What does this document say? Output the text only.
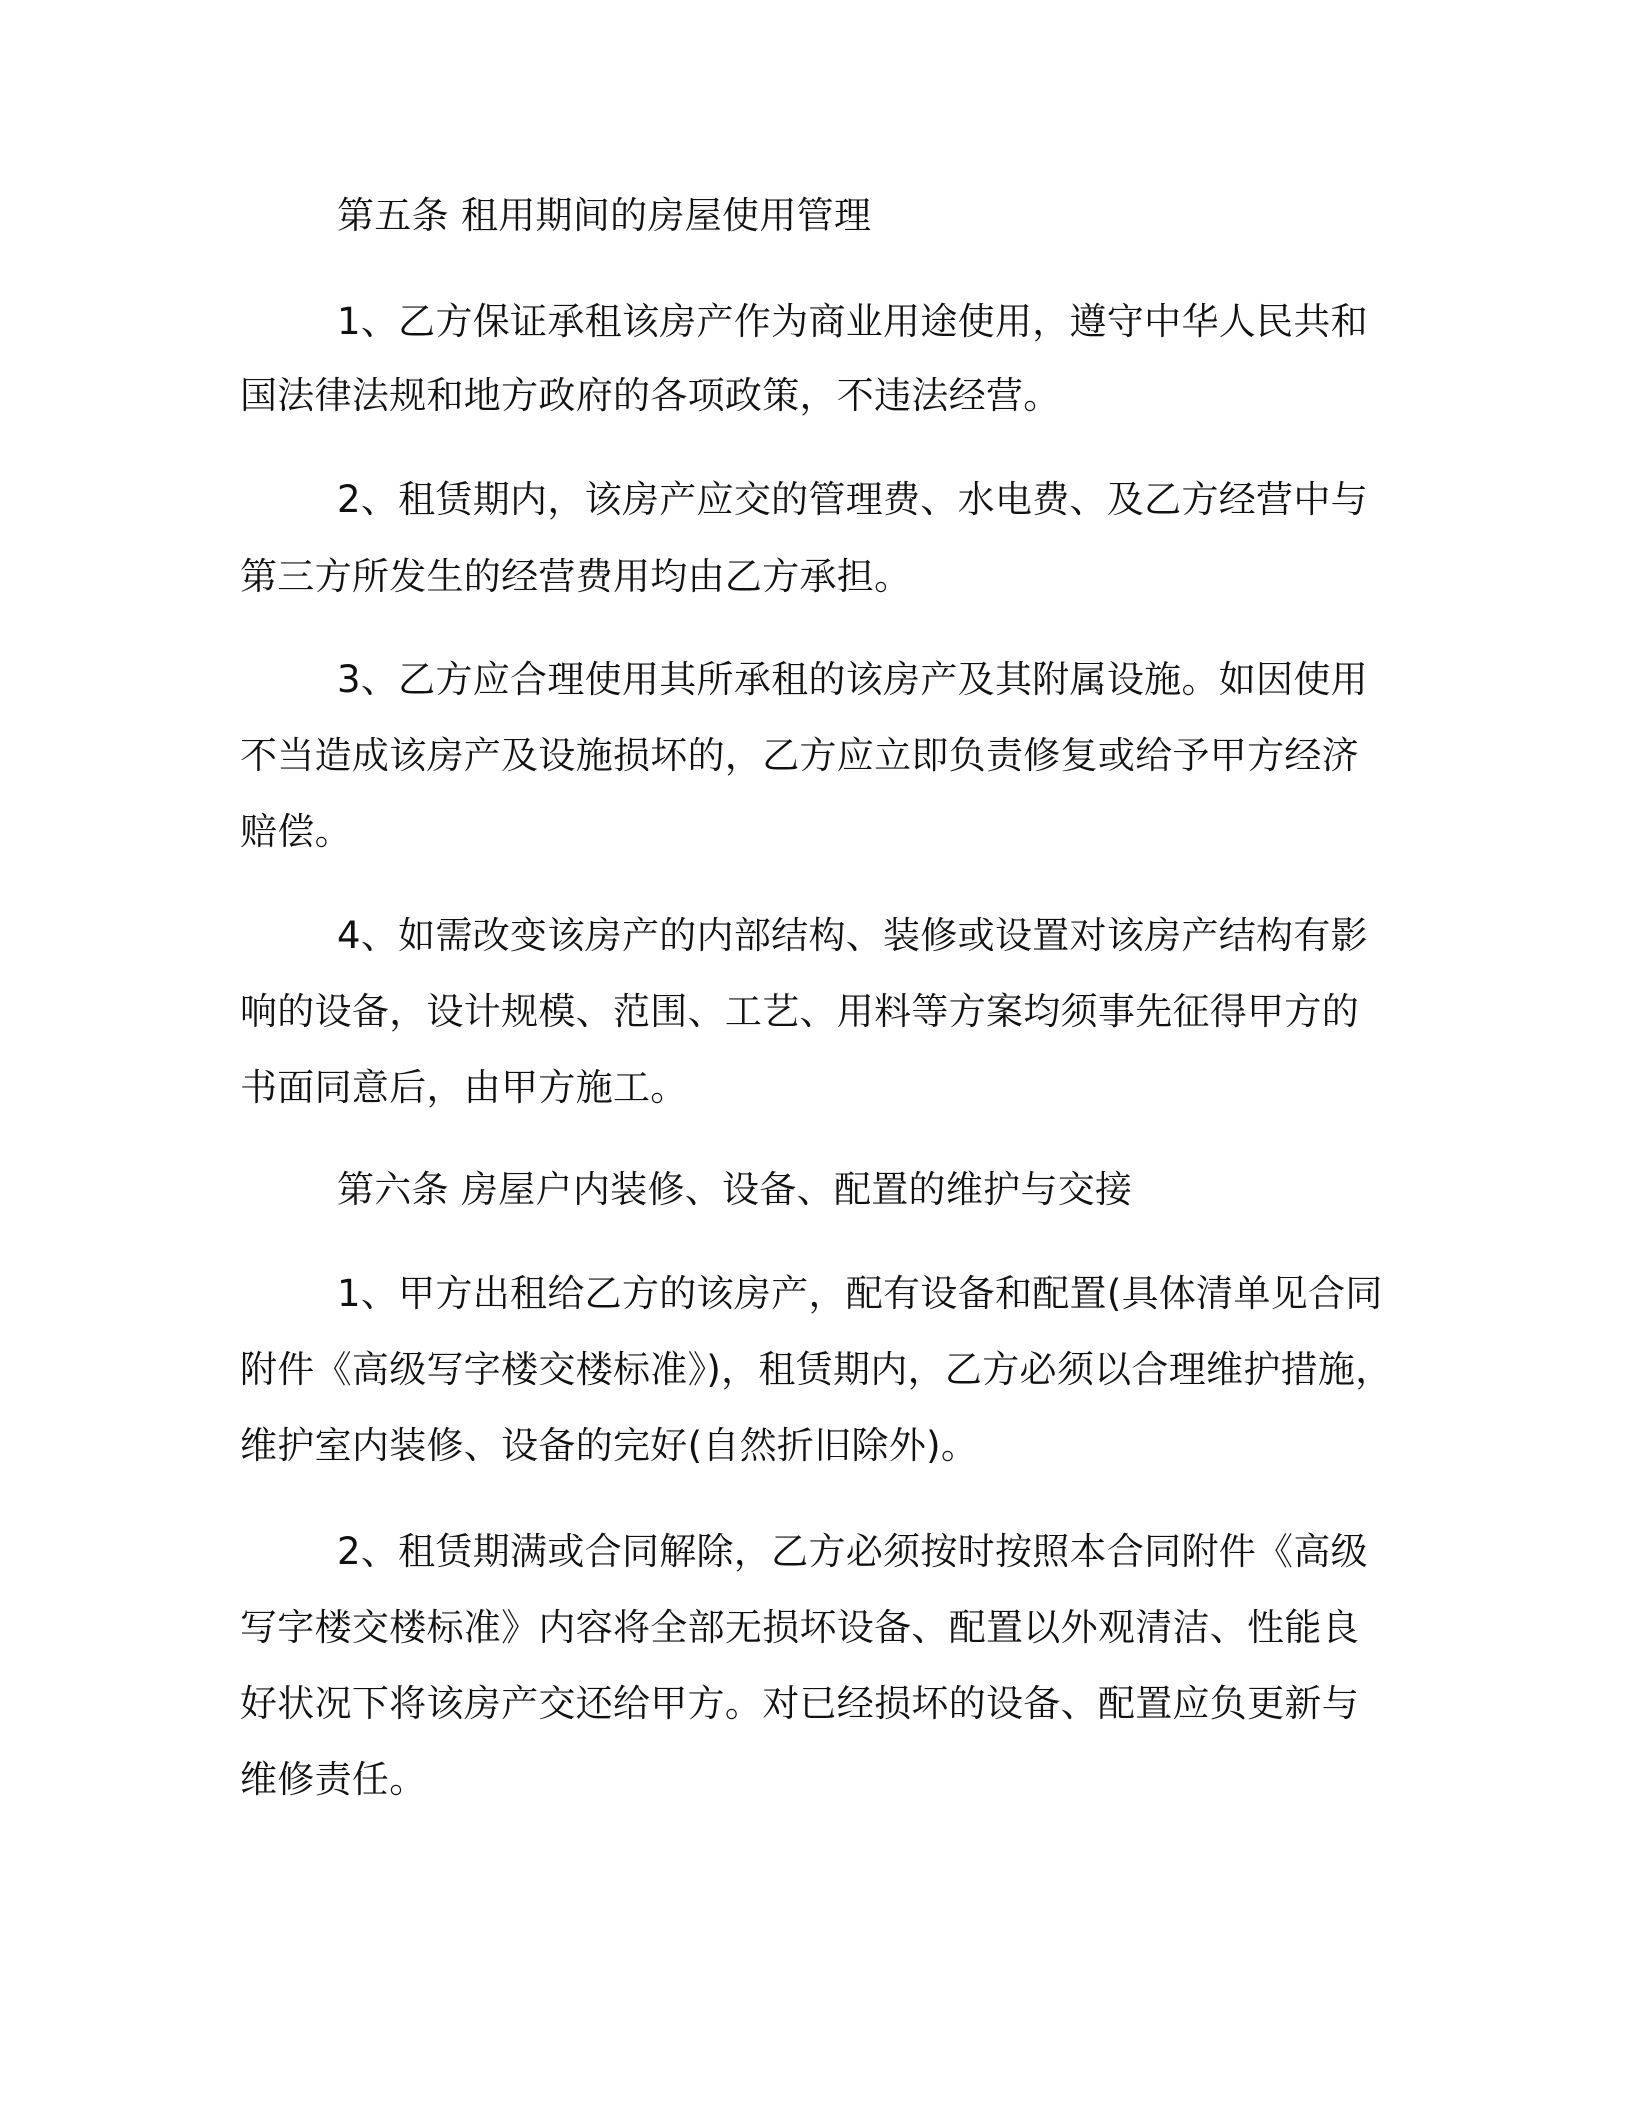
第五条 租用期间的房屋使用管理

1、乙方保证承租该房产作为商业用途使用，遵守中华人民共和

国法律法规和地方政府的各项政策，不违法经营。

2、租赁期内，该房产应交的管理费、水电费、及乙方经营中与

第三方所发生的经营费用均由乙方承担。

3、乙方应合理使用其所承租的该房产及其附属设施。如因使用

不当造成该房产及设施损坏的，乙方应立即负责修复或给予甲方经济

赔偿。

4、如需改变该房产的内部结构、装修或设置对该房产结构有影

响的设备，设计规模、范围、工艺、用料等方案均须事先征得甲方的

书面同意后，由甲方施工。

第六条 房屋户内装修、设备、配置的维护与交接

1、甲方出租给乙方的该房产，配有设备和配置(具体清单见合同

附件《高级写字楼交楼标准》)，租赁期内，乙方必须以合理维护措施，

维护室内装修、设备的完好(自然折旧除外)。

2、租赁期满或合同解除，乙方必须按时按照本合同附件《高级

写字楼交楼标准》内容将全部无损坏设备、配置以外观清洁、性能良

好状况下将该房产交还给甲方。对已经损坏的设备、配置应负更新与

维修责任。
